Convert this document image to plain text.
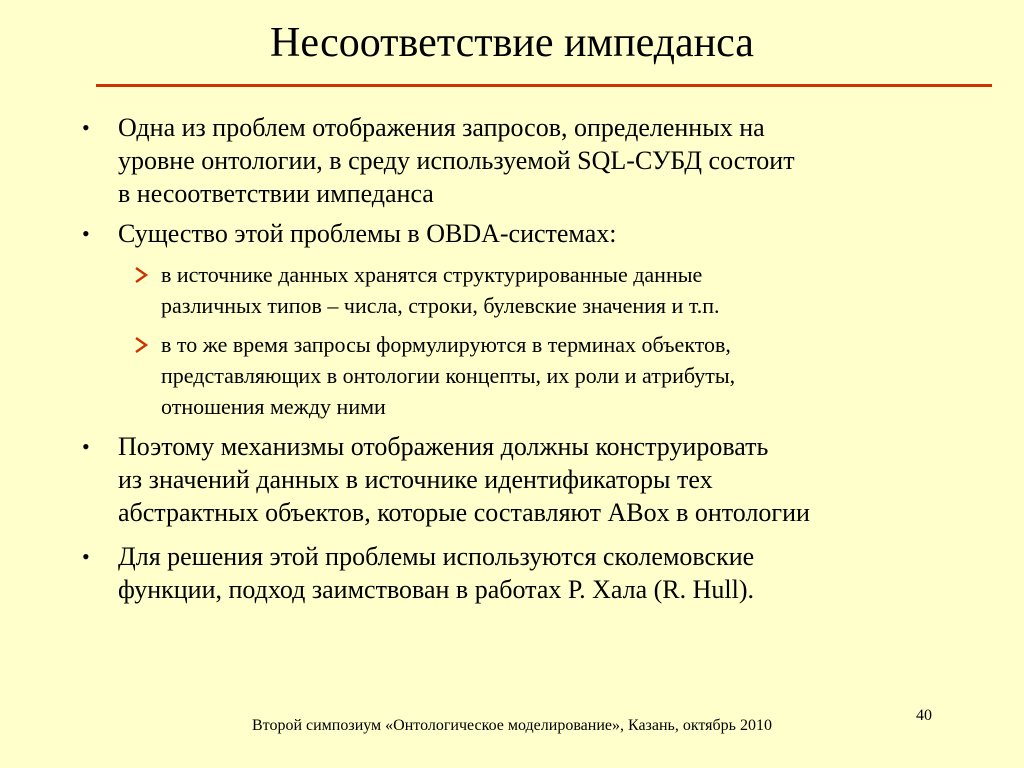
Несоответствие импеданса
• Одна из проблем отображения запросов, определенных на
уровне онтологии, в среду используемой SQL-СУБД состоит
в несоответствии импеданса
• Существо этой проблемы в OBDA-системах:
в источнике данных хранятся структурированные данные
различных типов – числа, строки, булевские значения и т.п.
в то же время запросы формулируются в терминах объектов,
представляющих в онтологии концепты, их роли и атрибуты,
отношения между ними
• Поэтому механизмы отображения должны конструировать
из значений данных в источнике идентификаторы тех
абстрактных объектов, которые составляют ABox в онтологии
• Для решения этой проблемы используются сколемовские
функции, подход заимствован в работах Р. Хала (R. Hull).
Второй симпозиум «Онтологическое моделирование», Казань, октябрь 2010
40
